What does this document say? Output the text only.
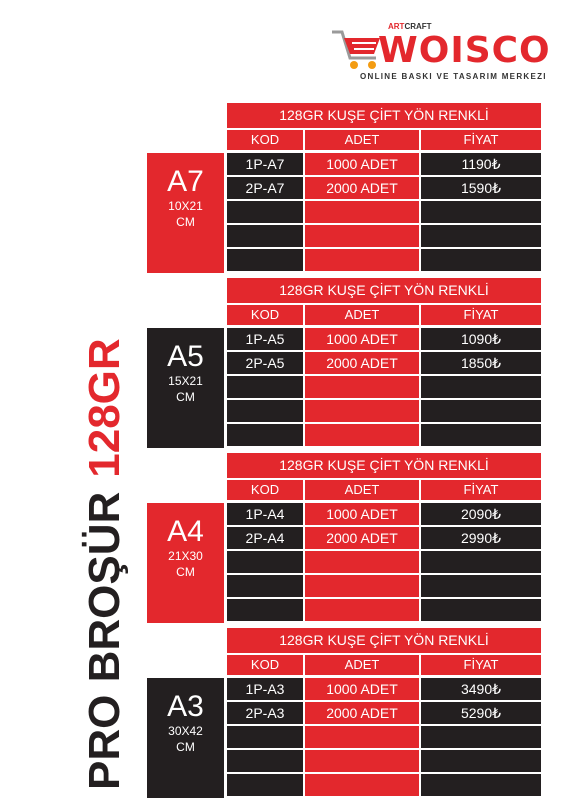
ARTCRAFT
WOISCO
ONLINE BASKI VE TASARIM MERKEZI
PRO BROŞÜR128GR
128GR KUŞE ÇİFT YÖN RENKLİ
KOD	ADET	FİYAT
A7
10X21
CM
1P-A7	1000 ADET	1190₺
2P-A7	2000 ADET	1590₺
128GR KUŞE ÇİFT YÖN RENKLİ
KOD	ADET	FİYAT
A5
15X21
CM
1P-A5	1000 ADET	1090₺
2P-A5	2000 ADET	1850₺
128GR KUŞE ÇİFT YÖN RENKLİ
KOD	ADET	FİYAT
A4
21X30
CM
1P-A4	1000 ADET	2090₺
2P-A4	2000 ADET	2990₺
128GR KUŞE ÇİFT YÖN RENKLİ
KOD	ADET	FİYAT
A3
30X42
CM
1P-A3	1000 ADET	3490₺
2P-A3	2000 ADET	5290₺
